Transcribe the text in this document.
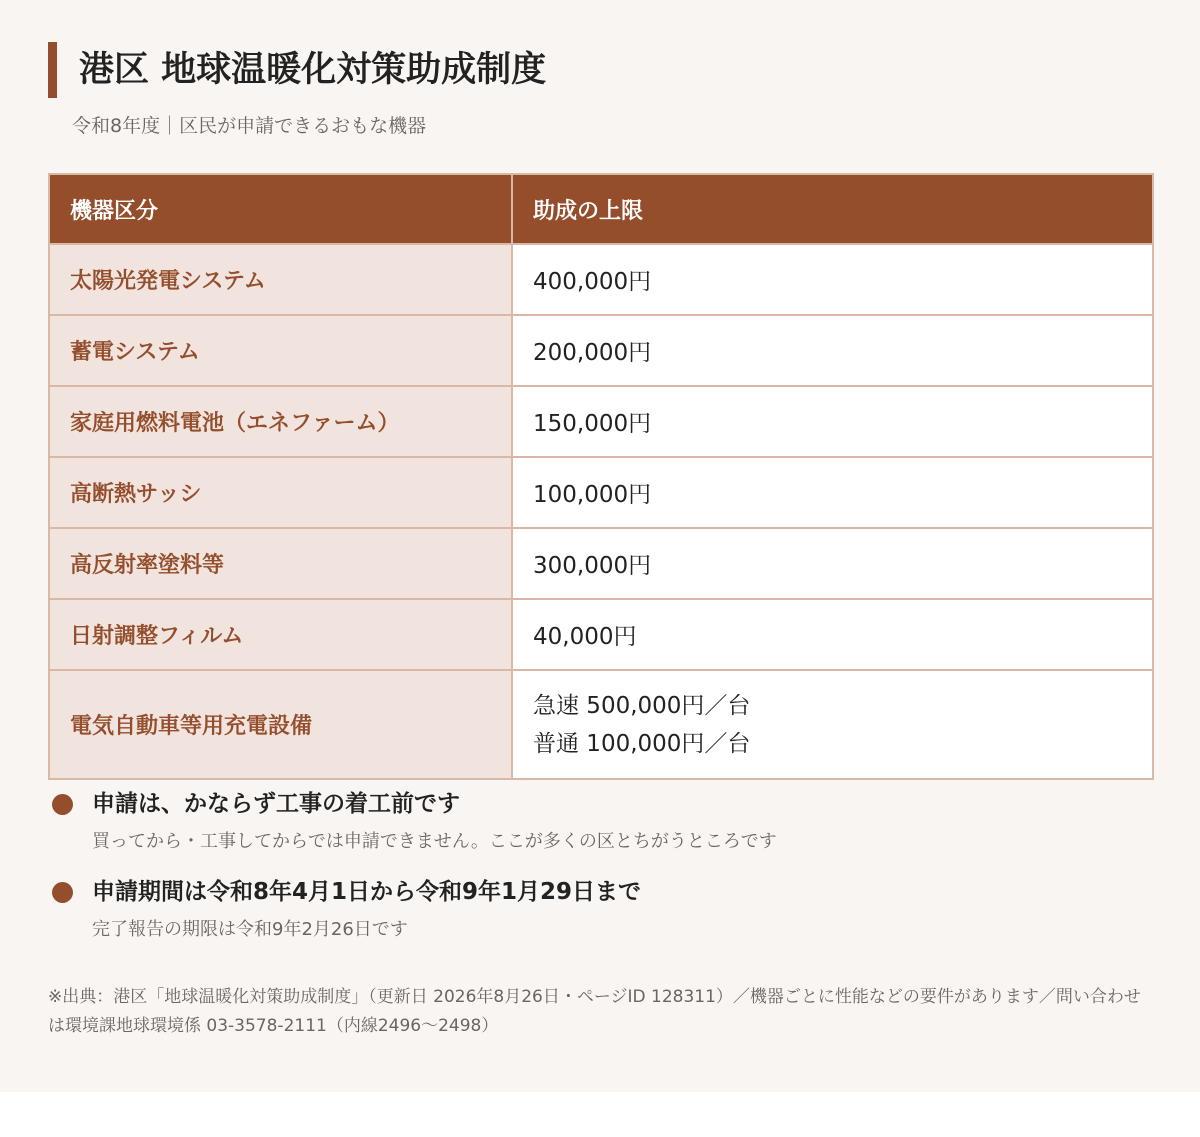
港区 地球温暖化対策助成制度
令和8年度｜区民が申請できるおもな機器
機器区分	助成の上限
太陽光発電システム	400,000円
蓄電システム	200,000円
家庭用燃料電池（エネファーム）	150,000円
高断熱サッシ	100,000円
高反射率塗料等	300,000円
日射調整フィルム	40,000円
電気自動車等用充電設備	急速 500,000円／台
普通 100,000円／台
申請は、かならず工事の着工前です
買ってから・工事してからでは申請できません。ここが多くの区とちがうところです
申請期間は令和8年4月1日から令和9年1月29日まで
完了報告の期限は令和9年2月26日です
※出典：港区「地球温暖化対策助成制度」（更新日 2026年8月26日・ページID 128311）／機器ごとに性能などの要件があります／問い合わせは環境課地球環境係 03-3578-2111（内線2496〜2498）
